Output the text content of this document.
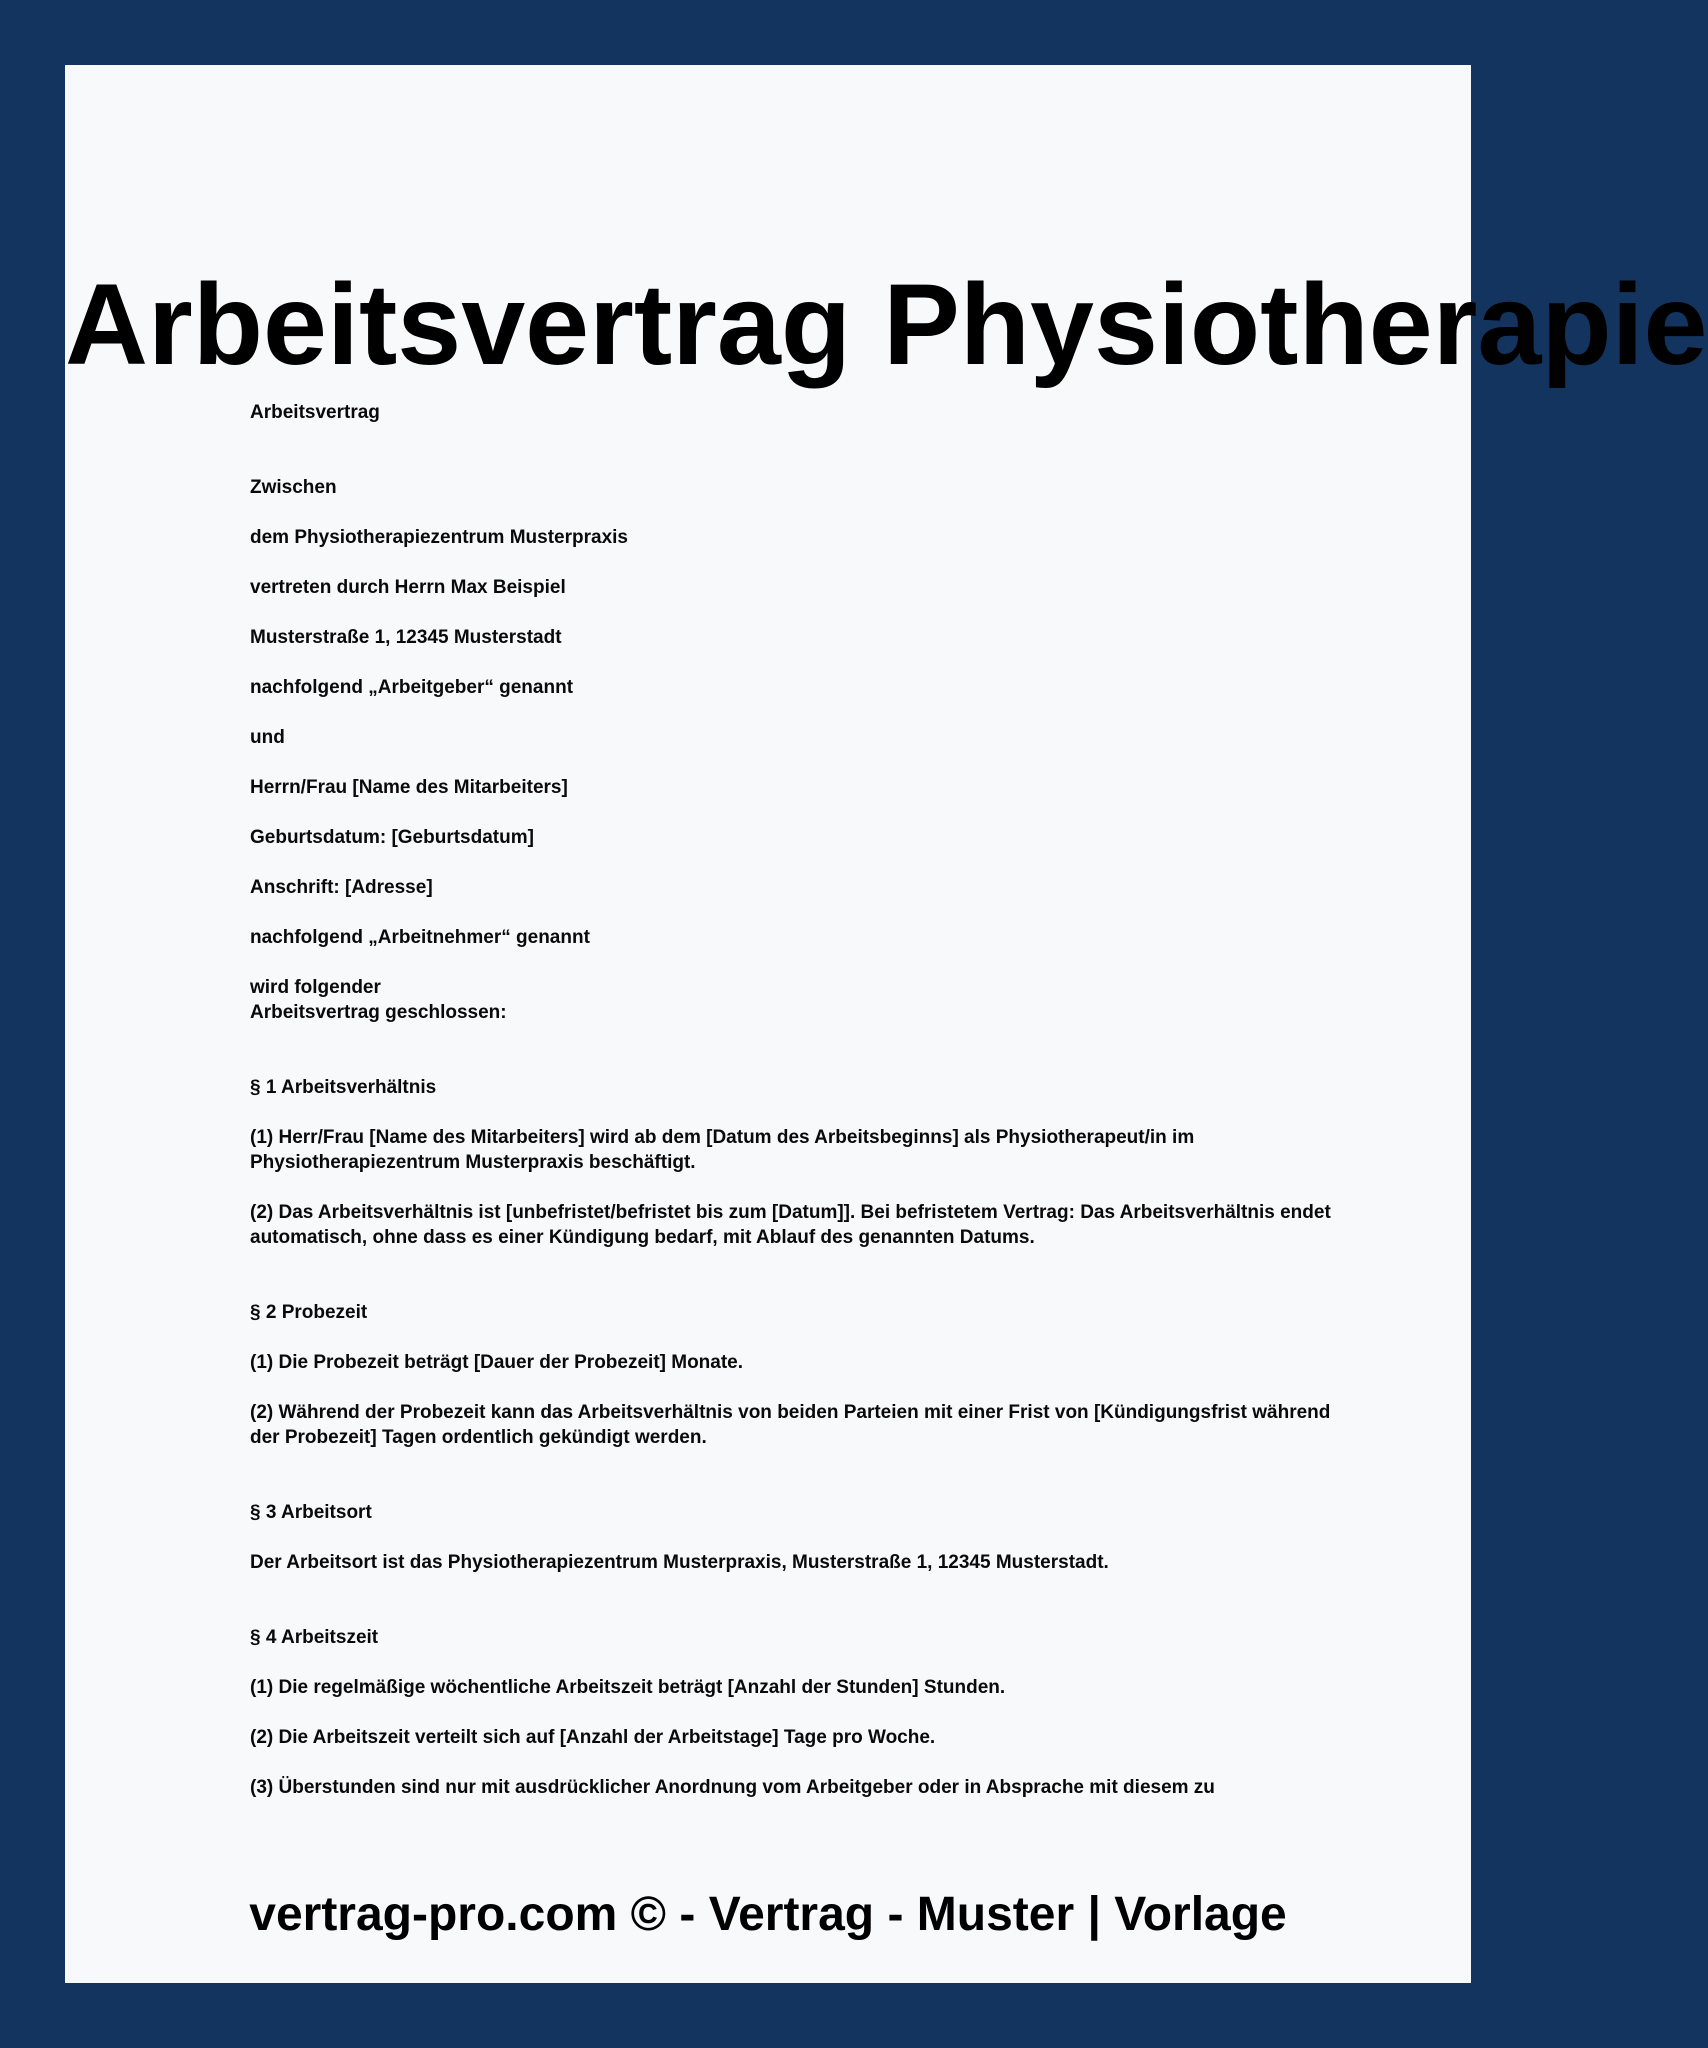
Arbeitsvertrag Physiotherapie

Arbeitsvertrag

Zwischen

dem Physiotherapiezentrum Musterpraxis

vertreten durch Herrn Max Beispiel

Musterstraße 1, 12345 Musterstadt

nachfolgend „Arbeitgeber“ genannt

und

Herrn/Frau [Name des Mitarbeiters]

Geburtsdatum: [Geburtsdatum]

Anschrift: [Adresse]

nachfolgend „Arbeitnehmer“ genannt

wird folgender
Arbeitsvertrag geschlossen:

§ 1 Arbeitsverhältnis

(1) Herr/Frau [Name des Mitarbeiters] wird ab dem [Datum des Arbeitsbeginns] als Physiotherapeut/in im Physiotherapiezentrum Musterpraxis beschäftigt.

(2) Das Arbeitsverhältnis ist [unbefristet/befristet bis zum [Datum]]. Bei befristetem Vertrag: Das Arbeitsverhältnis endet automatisch, ohne dass es einer Kündigung bedarf, mit Ablauf des genannten Datums.

§ 2 Probezeit

(1) Die Probezeit beträgt [Dauer der Probezeit] Monate.

(2) Während der Probezeit kann das Arbeitsverhältnis von beiden Parteien mit einer Frist von [Kündigungsfrist während der Probezeit] Tagen ordentlich gekündigt werden.

§ 3 Arbeitsort

Der Arbeitsort ist das Physiotherapiezentrum Musterpraxis, Musterstraße 1, 12345 Musterstadt.

§ 4 Arbeitszeit

(1) Die regelmäßige wöchentliche Arbeitszeit beträgt [Anzahl der Stunden] Stunden.

(2) Die Arbeitszeit verteilt sich auf [Anzahl der Arbeitstage] Tage pro Woche.

(3) Überstunden sind nur mit ausdrücklicher Anordnung vom Arbeitgeber oder in Absprache mit diesem zu

vertrag-pro.com © - Vertrag - Muster | Vorlage
